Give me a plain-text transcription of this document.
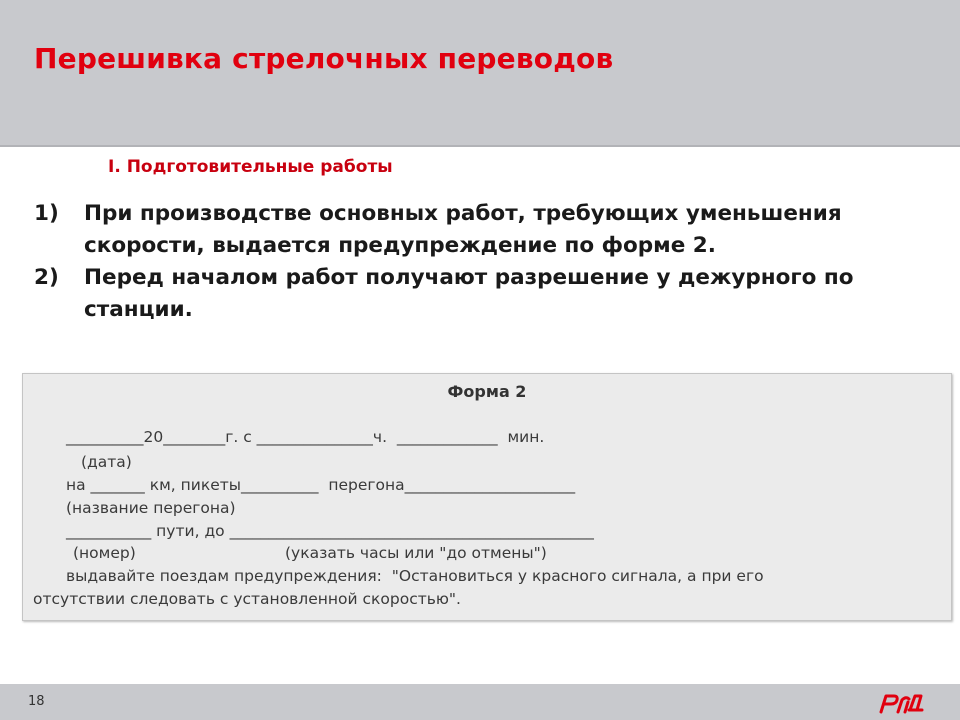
Перешивка стрелочных переводов
I. Подготовительные работы
1)	При производстве основных работ, требующих уменьшения скорости, выдается предупреждение по форме 2.
2)	Перед началом работ получают разрешение у дежурного по станции.
Форма 2
__________20________г. с _______________ч.  _____________  мин.
(дата)
на _______ км, пикеты__________  перегона______________________
(название перегона)
___________ пути, до _______________________________________________
(номер)	(указать часы или "до отмены")
выдавайте поездам предупреждения:  "Остановиться у красного сигнала, а при его
отсутствии следовать с установленной скоростью".
18
